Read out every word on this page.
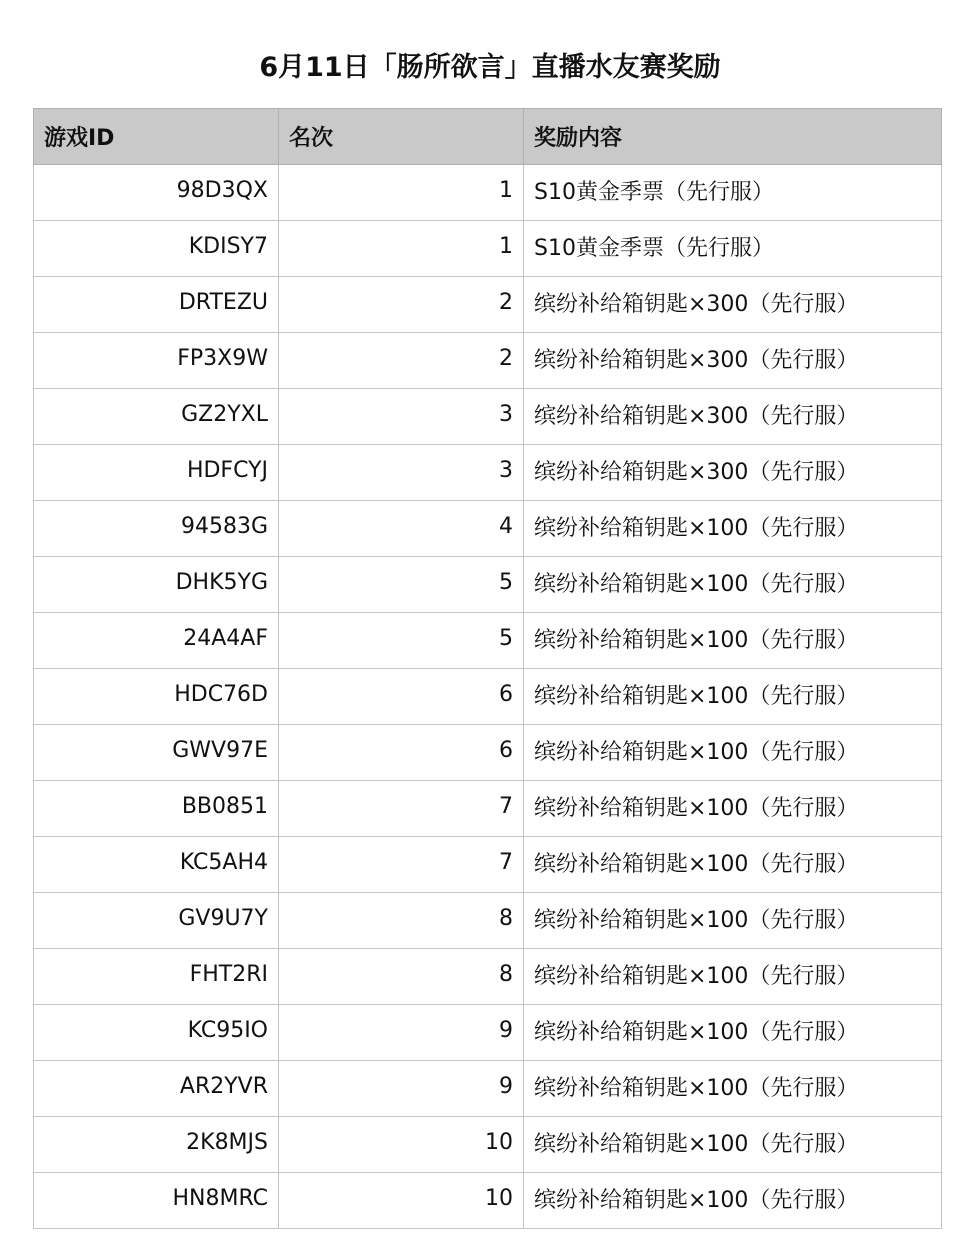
6月11日「肠所欲言」直播水友赛奖励
游戏ID	名次	奖励内容
98D3QX	1	S10黄金季票（先行服）
KDISY7	1	S10黄金季票（先行服）
DRTEZU	2	缤纷补给箱钥匙×300（先行服）
FP3X9W	2	缤纷补给箱钥匙×300（先行服）
GZ2YXL	3	缤纷补给箱钥匙×300（先行服）
HDFCYJ	3	缤纷补给箱钥匙×300（先行服）
94583G	4	缤纷补给箱钥匙×100（先行服）
DHK5YG	5	缤纷补给箱钥匙×100（先行服）
24A4AF	5	缤纷补给箱钥匙×100（先行服）
HDC76D	6	缤纷补给箱钥匙×100（先行服）
GWV97E	6	缤纷补给箱钥匙×100（先行服）
BB0851	7	缤纷补给箱钥匙×100（先行服）
KC5AH4	7	缤纷补给箱钥匙×100（先行服）
GV9U7Y	8	缤纷补给箱钥匙×100（先行服）
FHT2RI	8	缤纷补给箱钥匙×100（先行服）
KC95IO	9	缤纷补给箱钥匙×100（先行服）
AR2YVR	9	缤纷补给箱钥匙×100（先行服）
2K8MJS	10	缤纷补给箱钥匙×100（先行服）
HN8MRC	10	缤纷补给箱钥匙×100（先行服）
